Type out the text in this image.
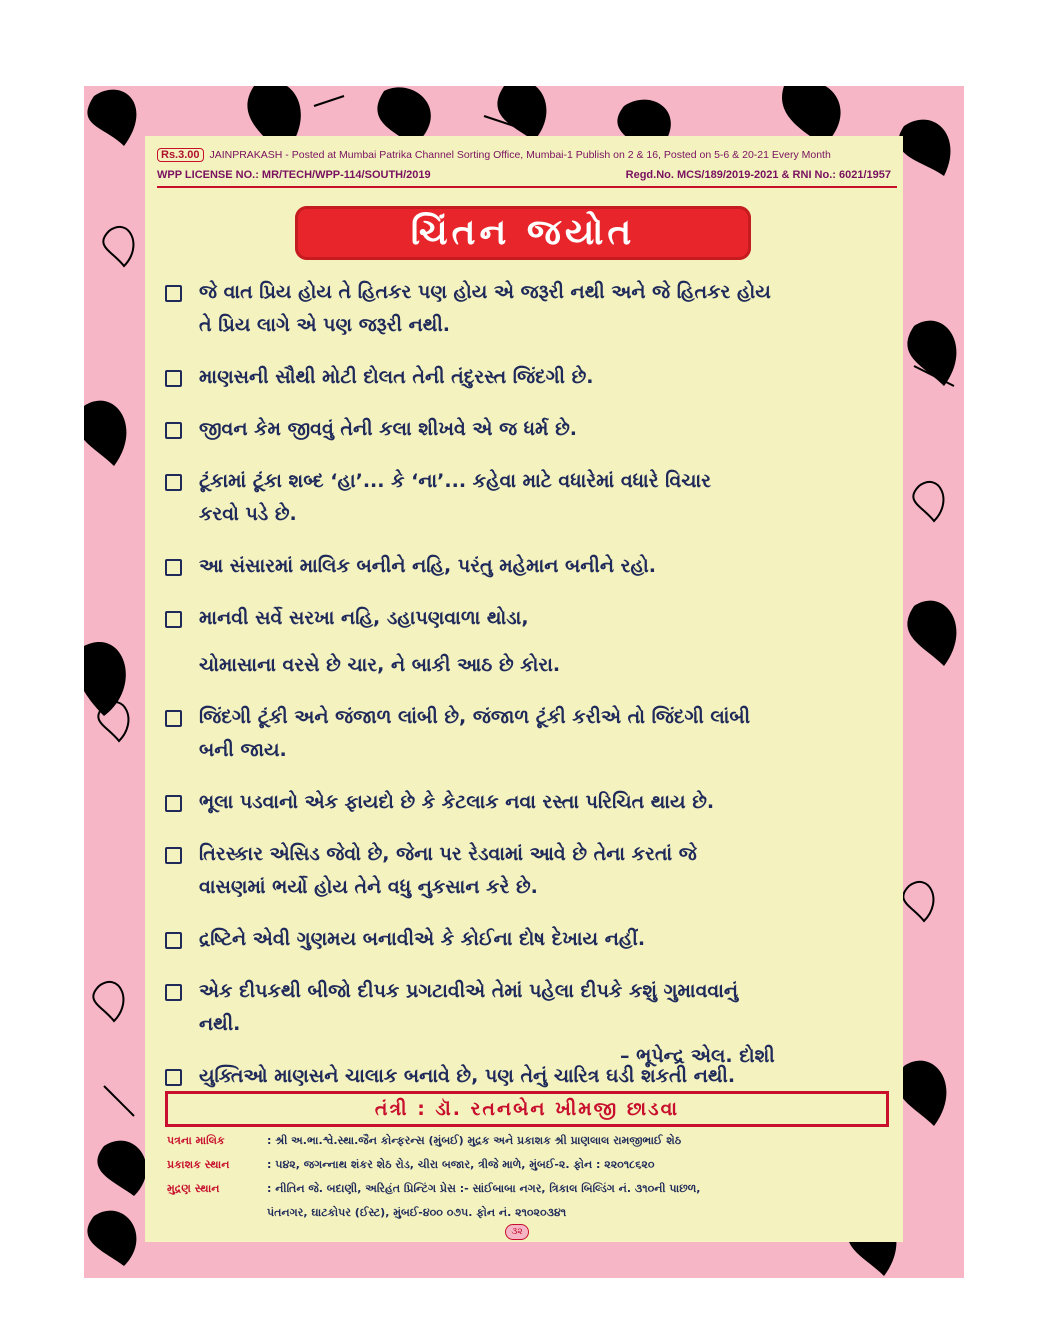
Rs.3.00 JAINPRAKASH - Posted at Mumbai Patrika Channel Sorting Office, Mumbai-1 Publish on 2 & 16, Posted on 5-6 & 20-21 Every Month
WPP LICENSE NO.: MR/TECH/WPP-114/SOUTH/2019	Regd.No. MCS/189/2019-2021 & RNI No.: 6021/1957
ચિંતન જયોત
જે વાત પ્રિય હોય તે હિતકર પણ હોય એ જરૂરી નથી અને જે હિતકર હોય
તે પ્રિય લાગે એ પણ જરૂરી નથી.
માણસની સૌથી મોટી દોલત તેની તંદુરસ્ત જિંદગી છે.
જીવન કેમ જીવવું તેની કલા શીખવે એ જ ધર્મ છે.
ટૂંકામાં ટૂંકા શબ્દ ‘હા’... કે ‘ના’... કહેવા માટે વધારેમાં વધારે વિચાર
કરવો પડે છે.
આ સંસારમાં માલિક બનીને નહિ, પરંતુ મહેમાન બનીને રહો.
માનવી સર્વે સરખા નહિ, ડહાપણવાળા થોડા,
ચોમાસાના વરસે છે ચાર, ને બાકી આઠ છે કોરા.
જિંદગી ટૂંકી અને જંજાળ લાંબી છે, જંજાળ ટૂંકી કરીએ તો જિંદગી લાંબી
બની જાય.
ભૂલા પડવાનો એક ફાયદો છે કે કેટલાક નવા રસ્તા પરિચિત થાય છે.
તિરસ્કાર એસિડ જેવો છે, જેના પર રેડવામાં આવે છે તેના કરતાં જે
વાસણમાં ભર્યો હોય તેને વધુ નુકસાન કરે છે.
દ્રષ્ટિને એવી ગુણમય બનાવીએ કે કોઈના દોષ દેખાય નહીં.
એક દીપકથી બીજો દીપક પ્રગટાવીએ તેમાં પહેલા દીપકે કશું ગુમાવવાનું
નથી.
યુક્તિઓ માણસને ચાલાક બનાવે છે, પણ તેનું ચારિત્ર ઘડી શકતી નથી.
– ભૂપેન્દ્ર એલ. દોશી
તંત્રી : ડૉ. રતનબેન ખીમજી છાડવા
પત્રના માલિક	: શ્રી અ.ભા.શ્વે.સ્થા.જૈન કોન્ફરન્સ (મુંબઈ) મુદ્રક અને પ્રકાશક શ્રી પ્રાણલાલ રામજીભાઈ શેઠ
પ્રકાશક સ્થાન	: ૫૪૨, જગન્નાથ શંકર શેઠ રોડ, ચીરા બજાર, ત્રીજે માળે, મુંબઈ-૨. ફોન : ૨૨૦૧૮૬૨૦
મુદ્રણ સ્થાન	: નીતિન જે. બદાણી, અરિહંત પ્રિન્ટિંગ પ્રેસ :- સાંઈબાબા નગર, ત્રિકાલ બિલ્ડિંગ નં. ૩૧૦ની પાછળ,
પંતનગર, ઘાટકોપર (ઈસ્ટ), મુંબઈ-૪૦૦ ૦૭૫. ફોન નં. ૨૧૦૨૦૩૪૧
૩૨
